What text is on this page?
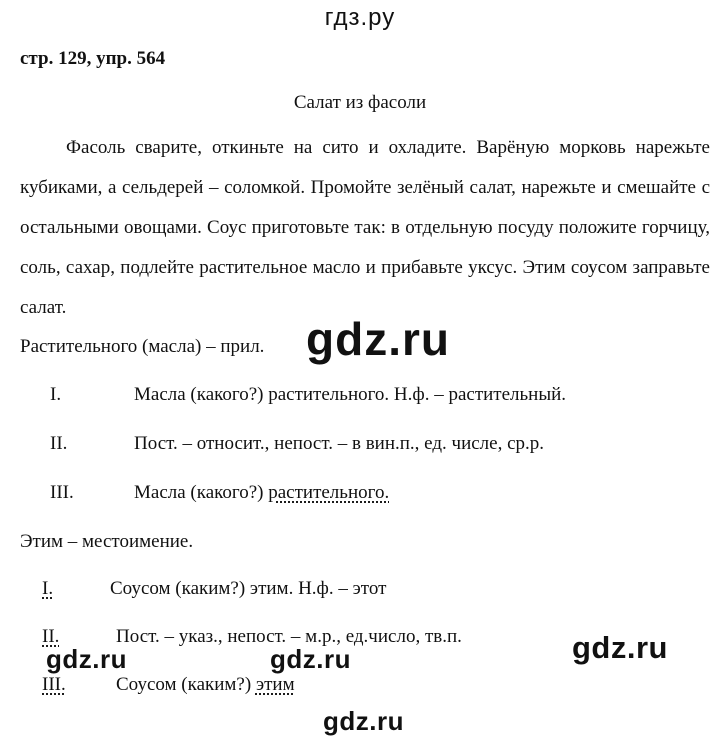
гдз.ру
стр. 129, упр. 564
Салат из фасоли

Фасоль сварите, откиньте на сито и охладите. Варёную морковь нарежьте кубиками, а сельдерей – соломкой. Промойте зелёный салат, нарежьте и смешайте с остальными овощами. Соус приготовьте так: в отдельную посуду положите горчицу, соль, сахар, подлейте растительное масло и прибавьте уксус. Этим соусом заправьте салат.

Растительного (масла) – прил. gdz.ru
I.	Масла (какого?) растительного. Н.ф. – растительный.
II.	Пост. – относит., непост. – в вин.п., ед. числе, ср.р.
III.	Масла (какого?) растительного.
Этим – местоимение.
I.	Соусом (каким?) этим. Н.ф. – этот
II.	Пост. – указ., непост. – м.р., ед.число, тв.п.	gdz.ru
gdz.ru	gdz.ru
III.	Соусом (каким?) этим
gdz.ru
